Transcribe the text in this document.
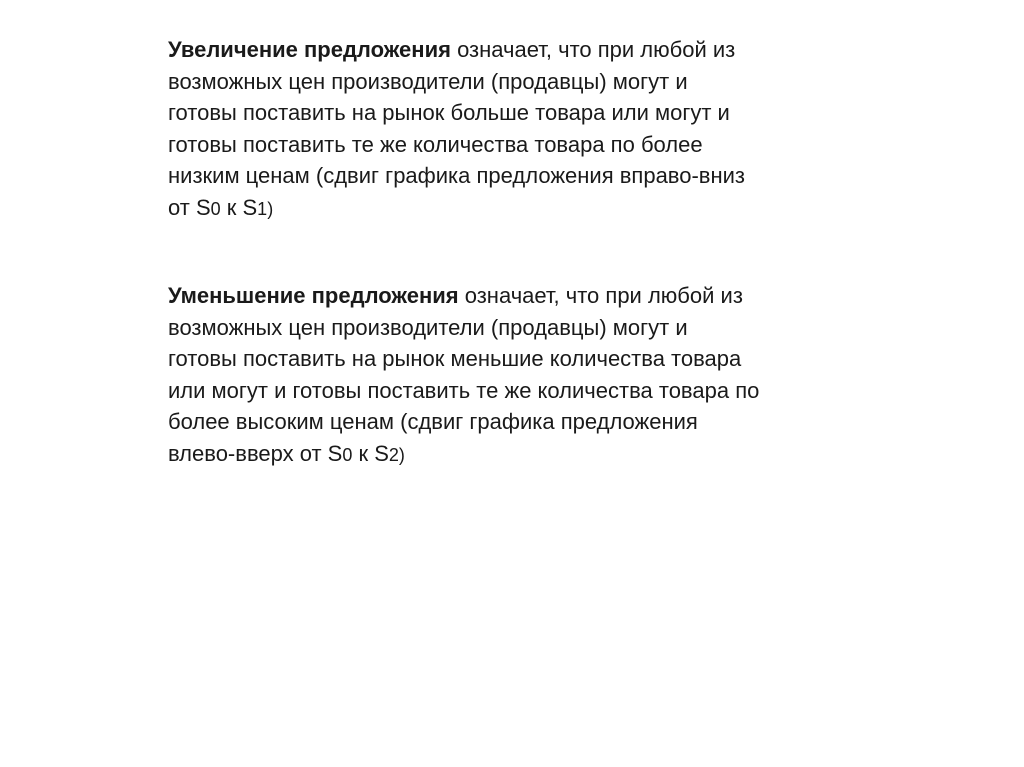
Увеличение предложения означает, что при любой из
возможных цен производители (продавцы) могут и
готовы поставить на рынок больше товара или могут и
готовы поставить те же количества товара по более
низким ценам (сдвиг графика предложения вправо-вниз
от S0 к S1)

Уменьшение предложения означает, что при любой из
возможных цен производители (продавцы) могут и
готовы поставить на рынок меньшие количества товара
или могут и готовы поставить те же количества товара по
более высоким ценам (сдвиг графика предложения
влево-вверх от S0 к S2)
